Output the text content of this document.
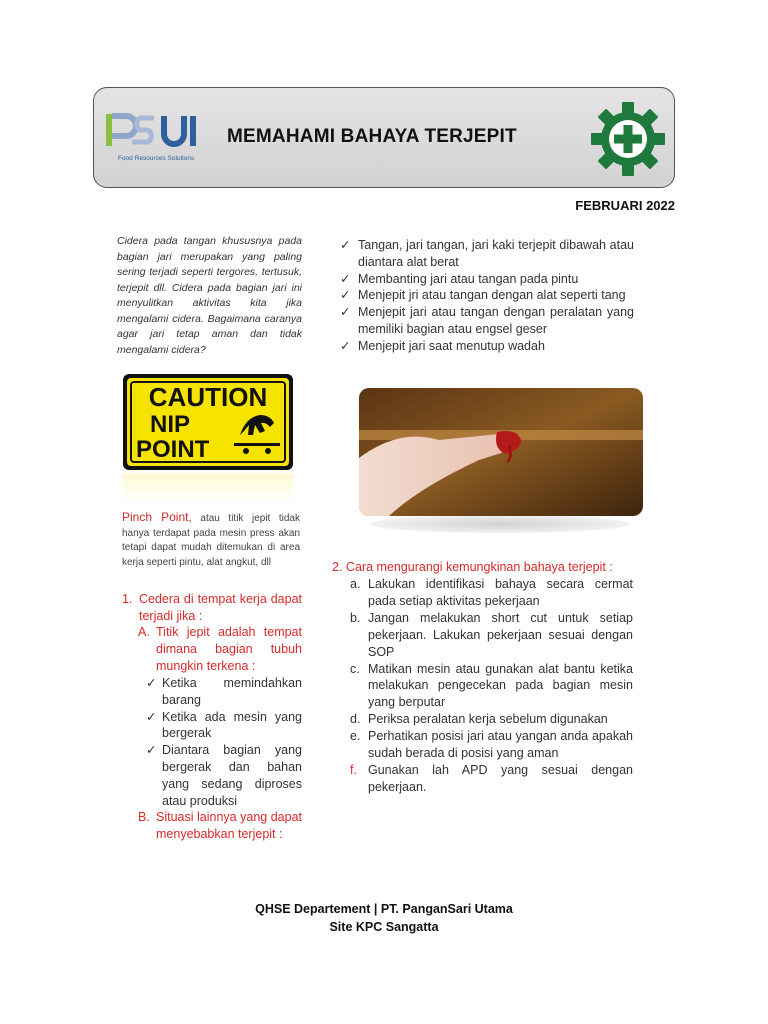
Food Resources Solutions
MEMAHAMI BAHAYA TERJEPIT
FEBRUARI 2022
Cidera pada tangan khususnya pada bagian jari merupakan yang paling sering terjadi seperti tergores, tertusuk, terjepit dll. Cidera pada bagian jari ini menyulitkan aktivitas kita jika mengalami cidera. Bagaimana caranya agar jari tetap aman dan tidak mengalami cidera?
CAUTION
NIP
POINT
Pinch Point, atau titik jepit tidak hanya terdapat pada mesin press akan tetapi dapat mudah ditemukan di area kerja seperti pintu, alat angkut, dll
1. Cedera di tempat kerja dapat terjadi jika :
A. Titik jepit adalah tempat dimana bagian tubuh mungkin terkena :
✓ Ketika memindahkan barang
✓ Ketika ada mesin yang bergerak
✓ Diantara bagian yang bergerak dan bahan yang sedang diproses atau produksi
B. Situasi lainnya yang dapat menyebabkan terjepit :
✓ Tangan, jari tangan, jari kaki terjepit dibawah atau diantara alat berat
✓ Membanting jari atau tangan pada pintu
✓ Menjepit jri atau tangan dengan alat seperti tang
✓ Menjepit jari atau tangan dengan peralatan yang memiliki bagian atau engsel geser
✓ Menjepit jari saat menutup wadah
2. Cara mengurangi kemungkinan bahaya terjepit :
a. Lakukan identifikasi bahaya secara cermat pada setiap aktivitas pekerjaan
b. Jangan melakukan short cut untuk setiap pekerjaan. Lakukan pekerjaan sesuai dengan SOP
c. Matikan mesin atau gunakan alat bantu ketika melakukan pengecekan pada bagian mesin yang berputar
d. Periksa peralatan kerja sebelum digunakan
e. Perhatikan posisi jari atau yangan anda apakah sudah berada di posisi yang aman
f. Gunakan lah APD yang sesuai dengan pekerjaan.
QHSE Departement | PT. PanganSari Utama
Site KPC Sangatta
